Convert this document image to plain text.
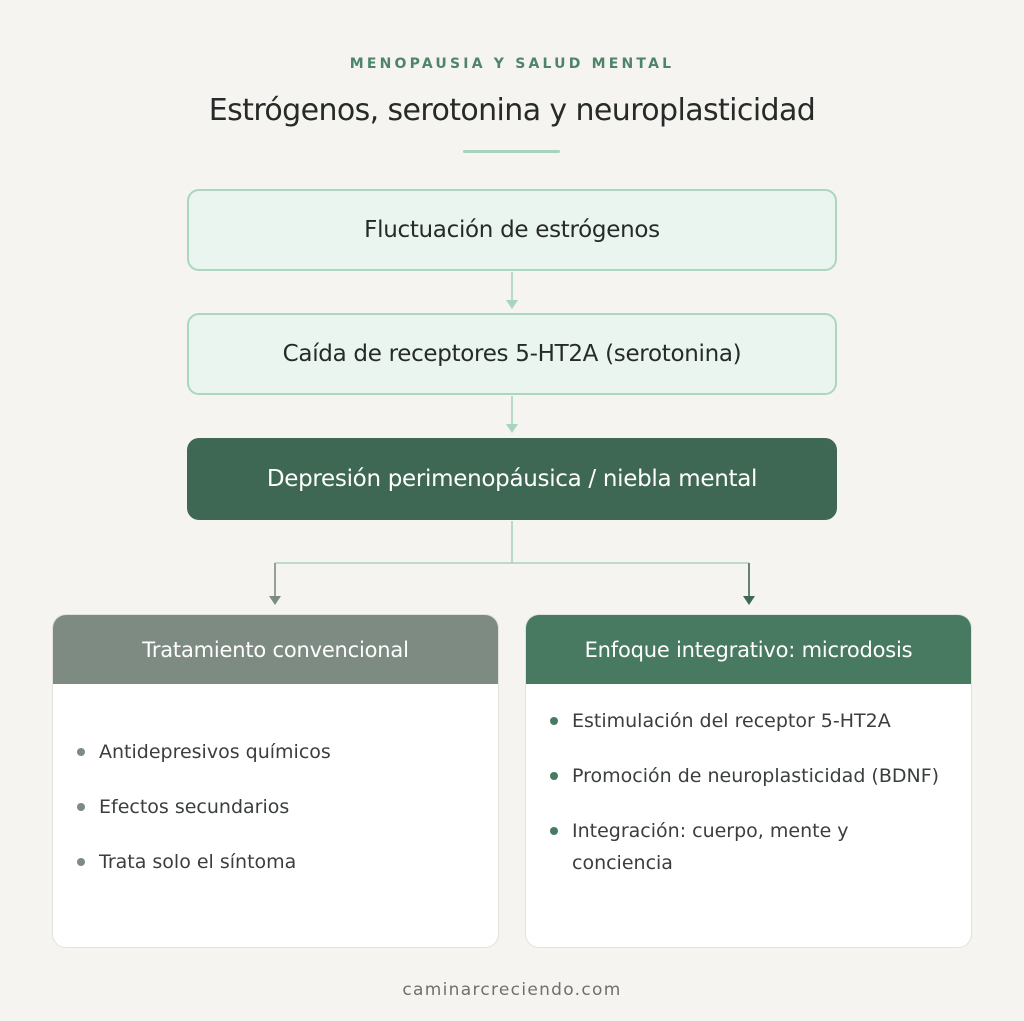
MENOPAUSIA Y SALUD MENTAL
Estrógenos, serotonina y neuroplasticidad
Fluctuación de estrógenos
Caída de receptores 5-HT2A (serotonina)
Depresión perimenopáusica / niebla mental
Tratamiento convencional
Antidepresivos químicos
Efectos secundarios
Trata solo el síntoma
Enfoque integrativo: microdosis
Estimulación del receptor 5-HT2A
Promoción de neuroplasticidad (BDNF)
Integración: cuerpo, mente y conciencia
caminarcreciendo.com
